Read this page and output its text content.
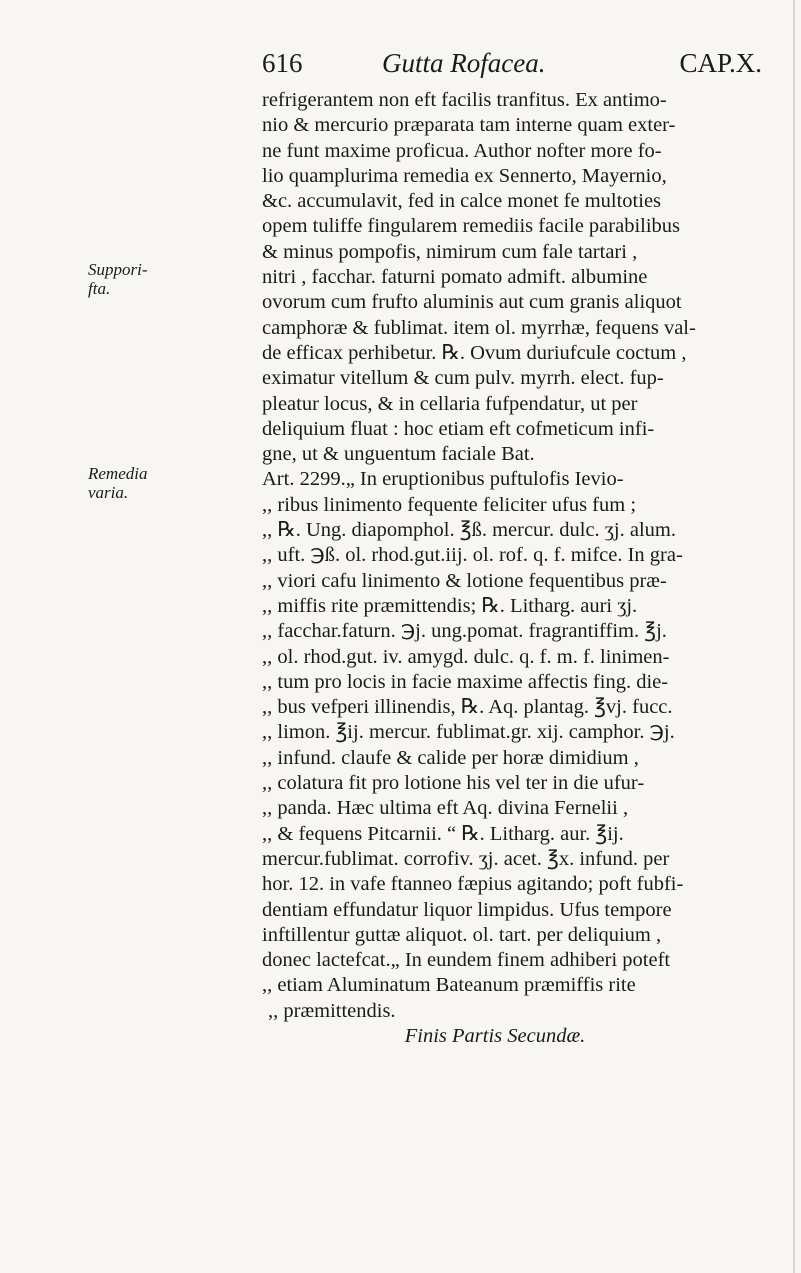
616	Gutta Rofacea.	CAP.X.
Suppori-
fta.
Remedia
varia.
refrigerantem non eft facilis tranfitus. Ex antimo-
nio & mercurio præparata tam interne quam exter-
ne funt maxime proficua. Author nofter more fo-
lio quamplurima remedia ex Sennerto, Mayernio,
&c. accumulavit, fed in calce monet fe multoties
opem tuliffe fingularem remediis facile parabilibus
& minus pompofis, nimirum cum fale tartari ,
nitri , facchar. faturni pomato admift. albumine
ovorum cum frufto aluminis aut cum granis aliquot
camphoræ & fublimat. item ol. myrrhæ, fequens val-
de efficax perhibetur. ℞. Ovum duriufcule coctum ,
eximatur vitellum & cum pulv. myrrh. elect. fup-
pleatur locus, & in cellaria fufpendatur, ut per
deliquium fluat : hoc etiam eft cofmeticum infi-
gne, ut & unguentum faciale Bat.
Art. 2299.„ In eruptionibus puftulofis Ievio-
,, ribus linimento fequente feliciter ufus fum ;
,, ℞. Ung. diapomphol. ℥ß. mercur. dulc. ʒj. alum.
,, uft. ℈ß. ol. rhod.gut.iij. ol. rof. q. f. mifce. In gra-
,, viori cafu linimento & lotione fequentibus præ-
,, miffis rite præmittendis; ℞. Litharg. auri ʒj.
,, facchar.faturn. ℈j. ung.pomat. fragrantiffim. ℥j.
,, ol. rhod.gut. iv. amygd. dulc. q. f. m. f. linimen-
,, tum pro locis in facie maxime affectis fing. die-
,, bus vefperi illinendis, ℞. Aq. plantag. ℥vj. fucc.
,, limon. ℥ij. mercur. fublimat.gr. xij. camphor. ℈j.
,, infund. claufe & calide per horæ dimidium ,
,, colatura fit pro lotione his vel ter in die ufur-
,, panda. Hæc ultima eft Aq. divina Fernelii ,
,, & fequens Pitcarnii. “ ℞. Litharg. aur. ℥ij.
mercur.fublimat. corrofiv. ʒj. acet. ℥x. infund. per
hor. 12. in vafe ftanneo fæpius agitando; poft fubfi-
dentiam effundatur liquor limpidus. Ufus tempore
inftillentur guttæ aliquot. ol. tart. per deliquium ,
donec lactefcat.„ In eundem finem adhiberi poteft
,, etiam Aluminatum Bateanum præmiffis rite
,, præmittendis.
Finis Partis Secundæ.
